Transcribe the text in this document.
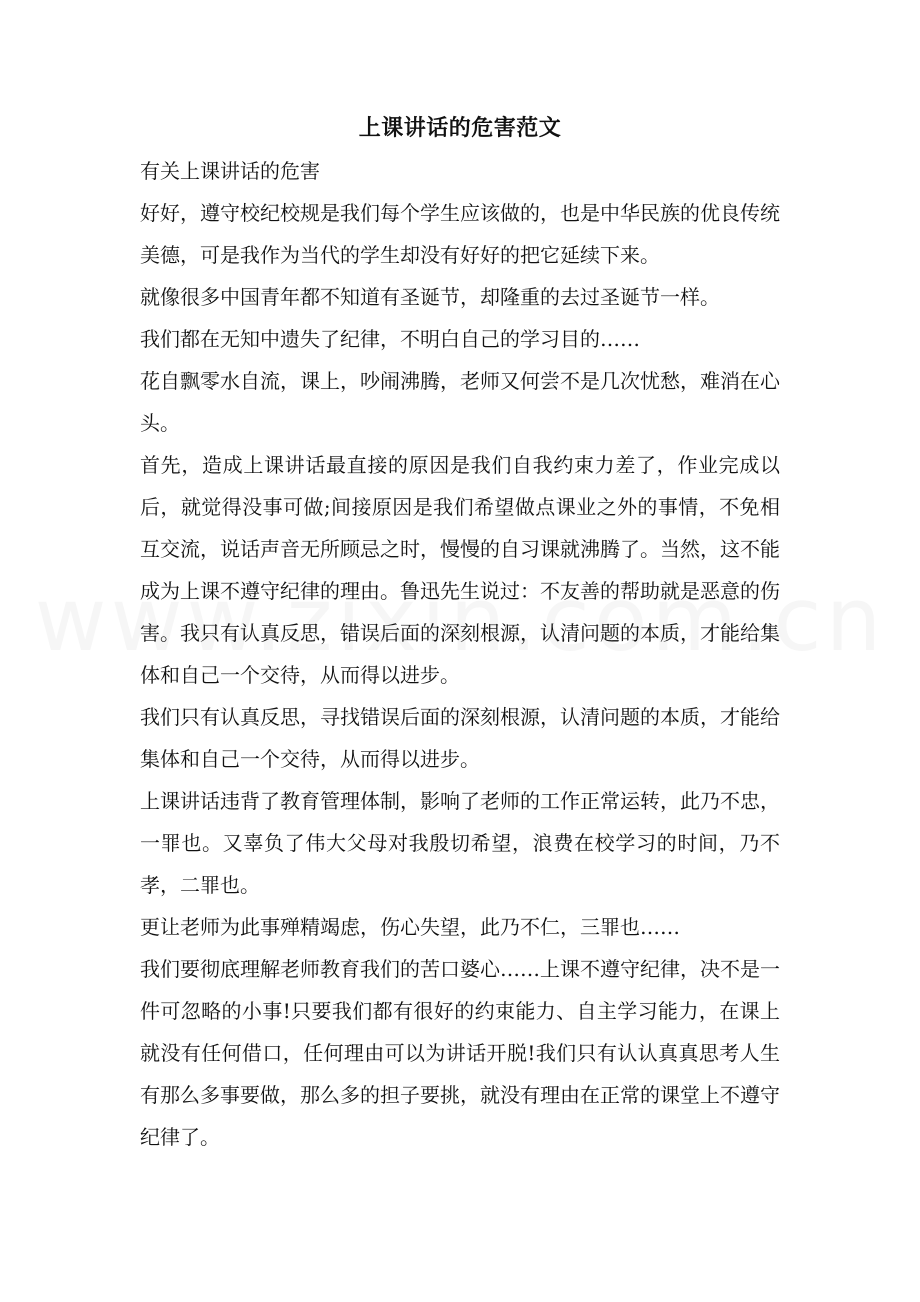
上课讲话的危害范文

有关上课讲话的危害

好好，遵守校纪校规是我们每个学生应该做的，也是中华民族的优良传统美德，可是我作为当代的学生却没有好好的把它延续下来。

就像很多中国青年都不知道有圣诞节，却隆重的去过圣诞节一样。

我们都在无知中遗失了纪律，不明白自己的学习目的……

花自飘零水自流，课上，吵闹沸腾，老师又何尝不是几次忧愁，难消在心头。

首先，造成上课讲话最直接的原因是我们自我约束力差了，作业完成以后，就觉得没事可做;间接原因是我们希望做点课业之外的事情，不免相互交流，说话声音无所顾忌之时，慢慢的自习课就沸腾了。当然，这不能成为上课不遵守纪律的理由。鲁迅先生说过：不友善的帮助就是恶意的伤害。我只有认真反思，错误后面的深刻根源，认清问题的本质，才能给集体和自己一个交待，从而得以进步。

我们只有认真反思，寻找错误后面的深刻根源，认清问题的本质，才能给集体和自己一个交待，从而得以进步。

上课讲话违背了教育管理体制，影响了老师的工作正常运转，此乃不忠，一罪也。又辜负了伟大父母对我殷切希望，浪费在校学习的时间，乃不孝，二罪也。

更让老师为此事殚精竭虑，伤心失望，此乃不仁，三罪也……

我们要彻底理解老师教育我们的苦口婆心……上课不遵守纪律，决不是一件可忽略的小事!只要我们都有很好的约束能力、自主学习能力，在课上就没有任何借口，任何理由可以为讲话开脱!我们只有认认真真思考人生有那么多事要做，那么多的担子要挑，就没有理由在正常的课堂上不遵守纪律了。
